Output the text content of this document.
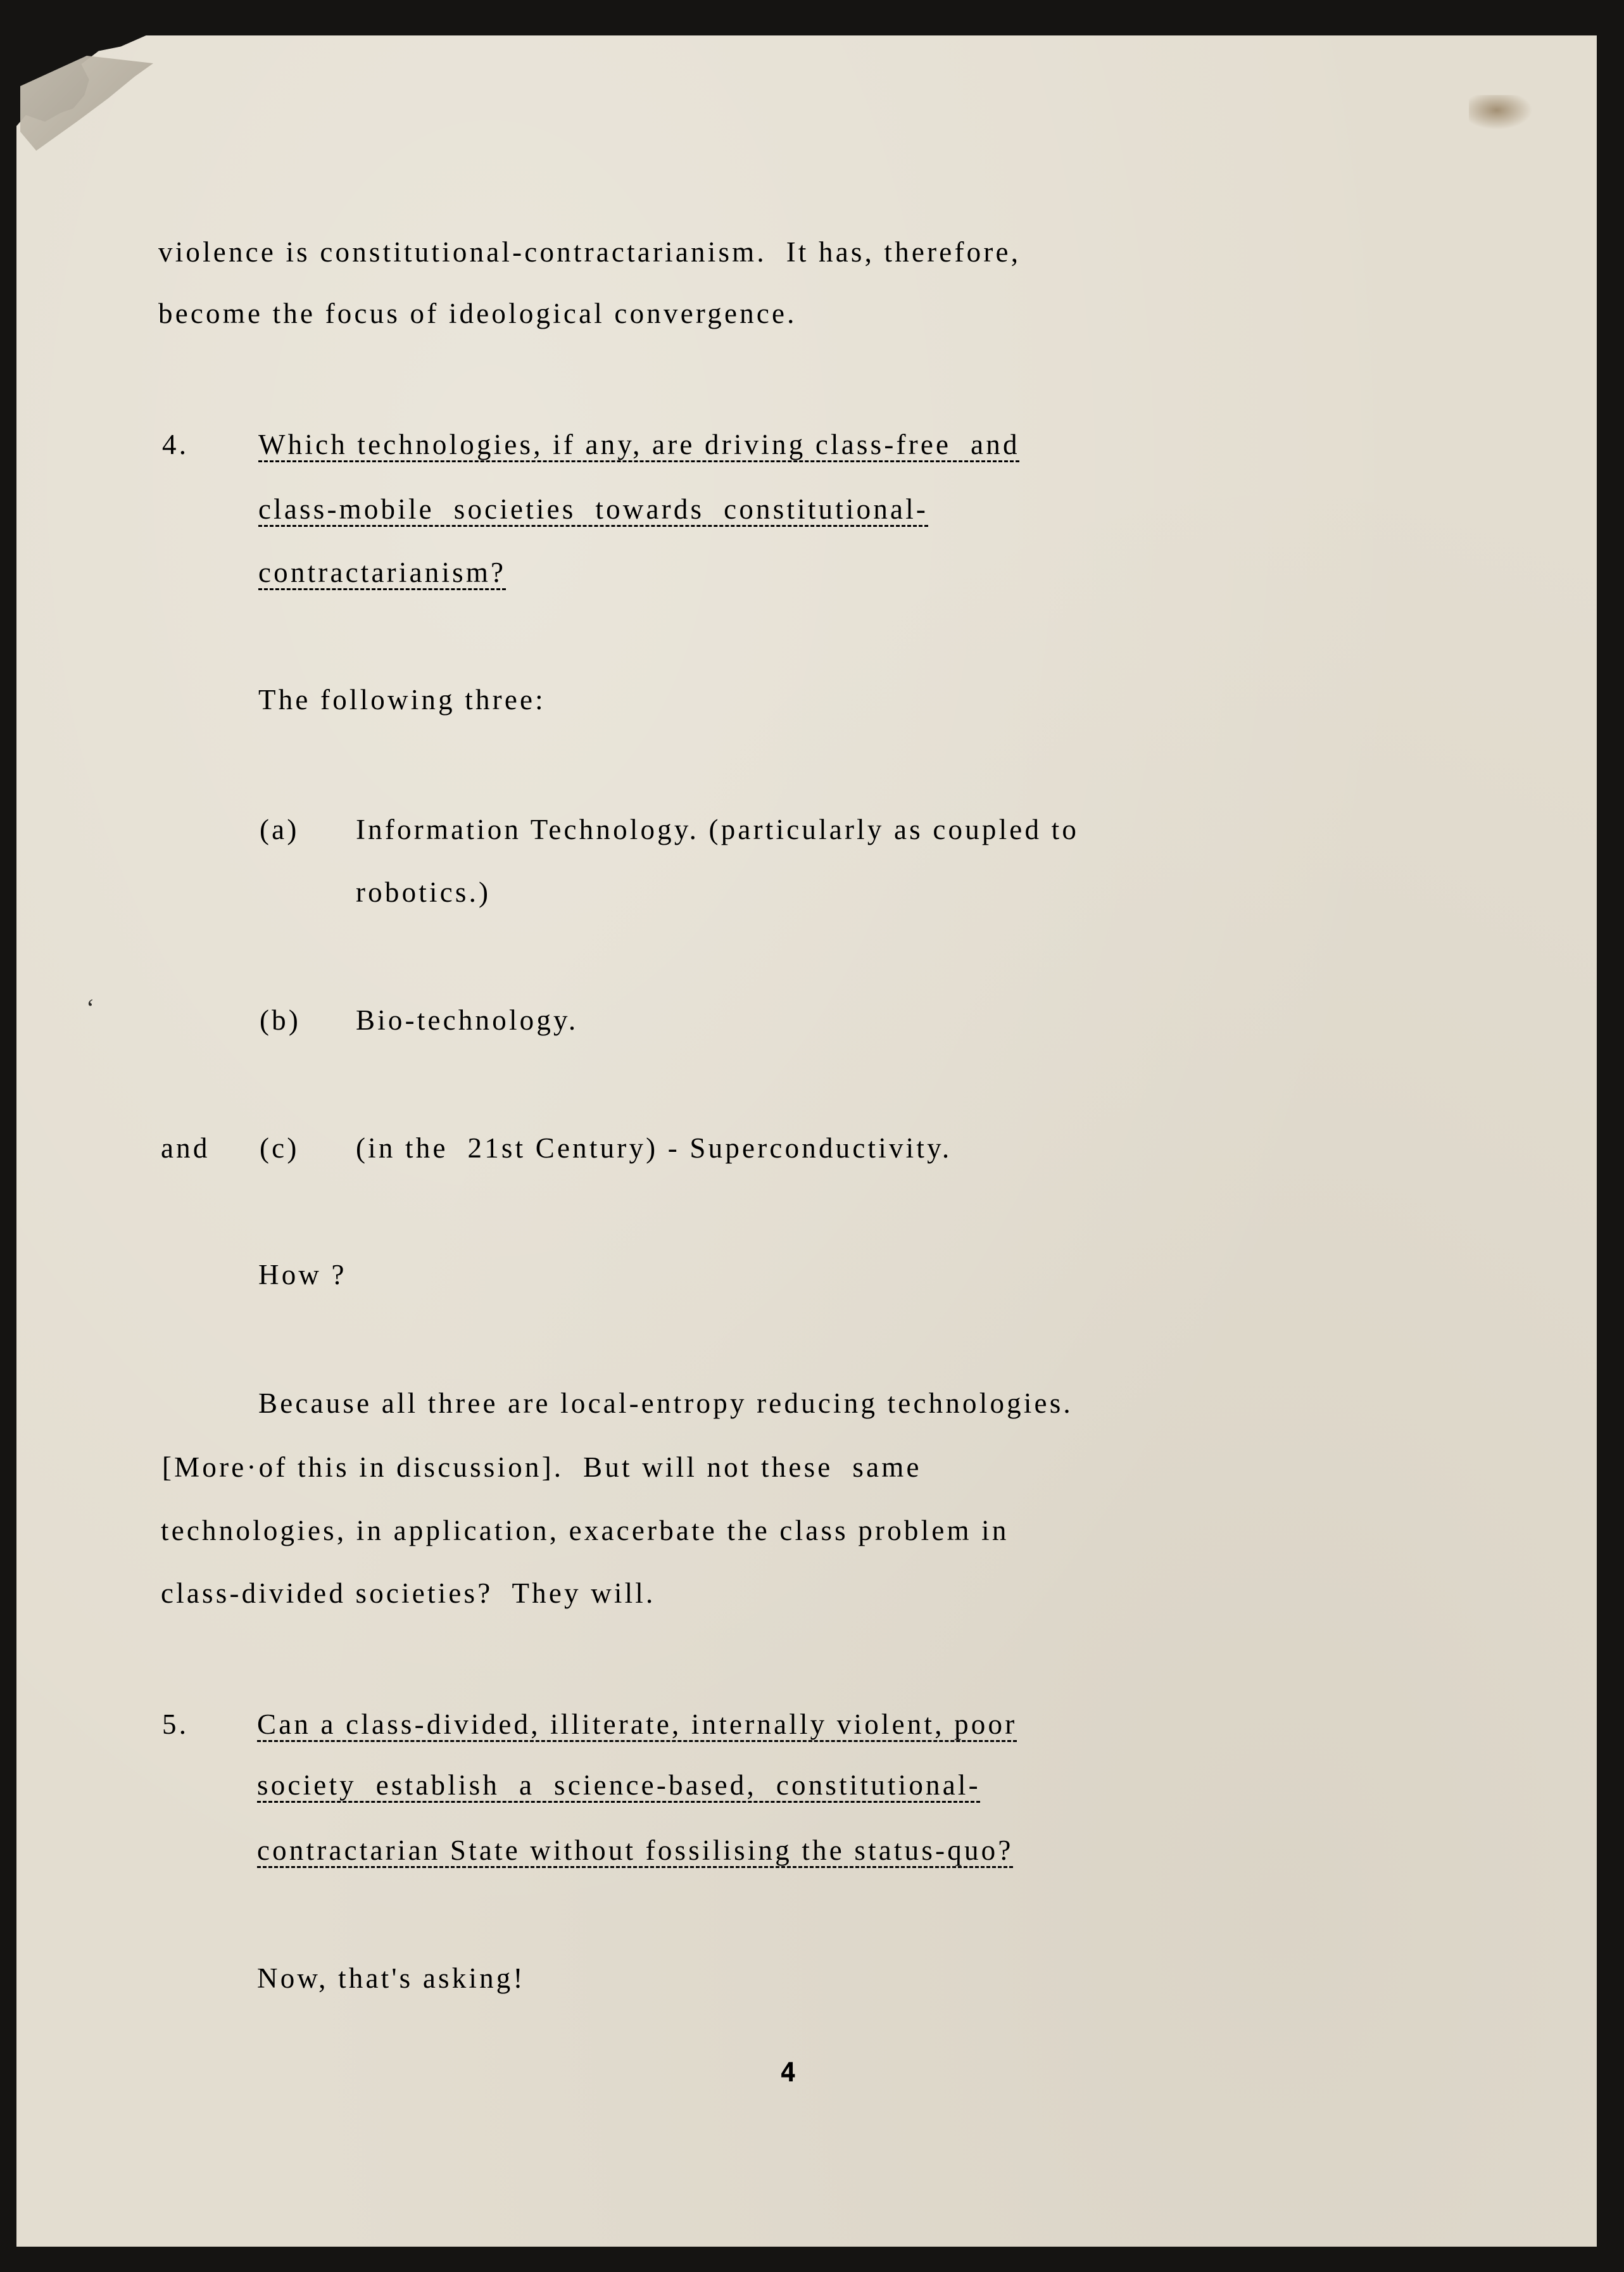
violence is constitutional-contractarianism.  It has, therefore,

become the focus of ideological convergence.

4. Which technologies, if any, are driving class-free  and

class-mobile  societies  towards  constitutional-

contractarianism?

The following three:

(a) Information Technology. (particularly as coupled to

robotics.)

(b) Bio-technology.

and (c) (in the  21st Century) - Superconductivity.

How ?

Because all three are local-entropy reducing technologies.

[More·of this in discussion].  But will not these  same

technologies, in application, exacerbate the class problem in

class-divided societies?  They will.

5. Can a class-divided, illiterate, internally violent, poor

society  establish  a  science-based,  constitutional-

contractarian State without fossilising the status-quo?

Now, that's asking!

‘
4
